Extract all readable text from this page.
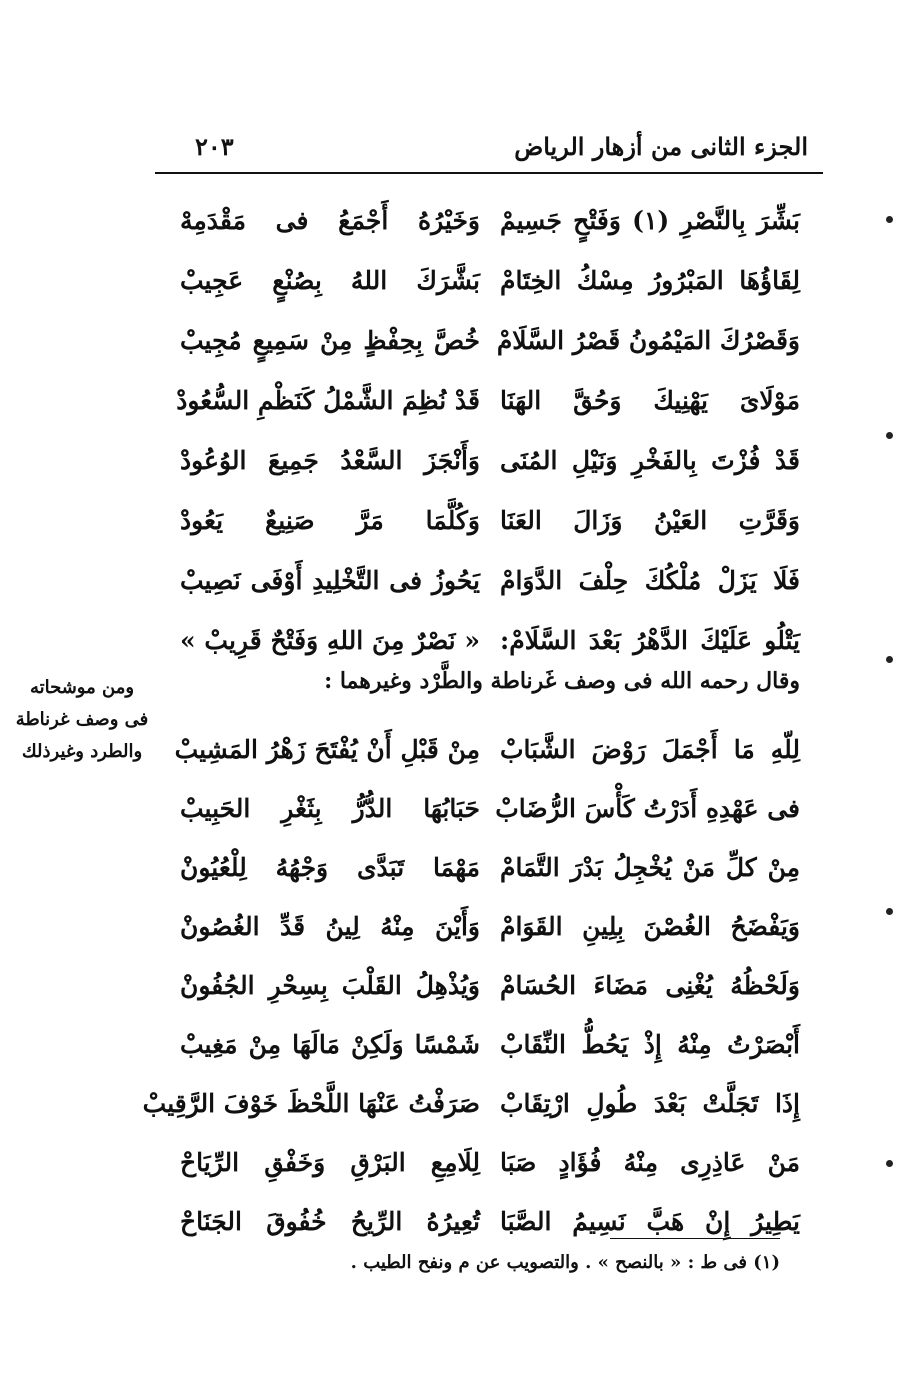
الجزء الثانى من أزهار الرياض
٢٠٣
بَشِّرَ بِالنَّصْرِ (١) وَفَتْحٍ جَسِيمْ
وَخَيْرُهُ أَجْمَعُ فى مَقْدَمِهْ
لِقَاؤُهَا المَبْرُورُ مِسْكُ الخِتَامْ
بَشَّرَكَ اللهُ بِصُنْعٍ عَجِيبْ
وَقَصْرُكَ المَيْمُونُ قَصْرُ السَّلَامْ
خُصَّ بِحِفْظٍ مِنْ سَمِيعٍ مُجِيبْ
مَوْلَاىَ يَهْنِيكَ وَحُقَّ الهَنَا
قَدْ نُظِمَ الشَّمْلُ كَنَظْمِ السُّعُودْ
قَدْ فُزْتَ بِالفَخْرِ وَنَيْلِ المُنَى
وَأَنْجَزَ السَّعْدُ جَمِيعَ الوُعُودْ
وَقَرَّتِ العَيْنُ وَزَالَ العَنَا
وَكُلَّمَا مَرَّ صَنِيعٌ يَعُودْ
فَلَا يَزَلْ مُلْكُكَ حِلْفَ الدَّوَامْ
يَحُوزُ فى التَّخْلِيدِ أَوْفَى نَصِيبْ
يَتْلُو عَلَيْكَ الدَّهْرُ بَعْدَ السَّلَامْ:
« نَصْرٌ مِنَ اللهِ وَفَتْحٌ قَرِيبْ »
ومن موشحاته
فى وصف غرناطة
والطرد وغيرذلك
وقال رحمه الله فى وصف غَرناطة والطَّرْد وغيرهما :
لِلّهِ مَا أَجْمَلَ رَوْضَ الشَّبَابْ
مِنْ قَبْلِ أَنْ يُفْتَحَ زَهْرُ المَشِيبْ
فى عَهْدِهِ أَدَرْتُ كَأْسَ الرُّضَابْ
حَبَابُهَا الدُّرُّ بِثَغْرِ الحَبِيبْ
مِنْ كلِّ مَنْ يُخْجِلُ بَدْرَ التَّمَامْ
مَهْمَا تَبَدَّى وَجْهُهُ لِلْعُيُونْ
وَيَفْضَحُ الغُصْنَ بِلِينِ القَوَامْ
وَأَيْنَ مِنْهُ لِينُ قَدِّ الغُصُونْ
وَلَحْظُهُ يُغْنِى مَضَاءَ الحُسَامْ
وَيُذْهِلُ القَلْبَ بِسِحْرِ الجُفُونْ
أَبْصَرْتُ مِنْهُ إِذْ يَحُطُّ النِّقَابْ
شَمْسًا وَلَكِنْ مَالَهَا مِنْ مَغِيبْ
إِذَا تَجَلَّتْ بَعْدَ طُولِ ارْتِقَابْ
صَرَفْتُ عَنْهَا اللَّحْظَ خَوْفَ الرَّقِيبْ
مَنْ عَاذِرِى مِنْهُ فُؤَادٍ صَبَا
لِلَامِعِ البَرْقِ وَخَفْقِ الرِّيَاحْ
يَطِيرُ إِنْ هَبَّ نَسِيمُ الصَّبَا
تُعِيرُهُ الرِّيحُ خُفُوقَ الجَنَاحْ
(١) فى ط : « بالنصح » . والتصويب عن م ونفح الطيب .
